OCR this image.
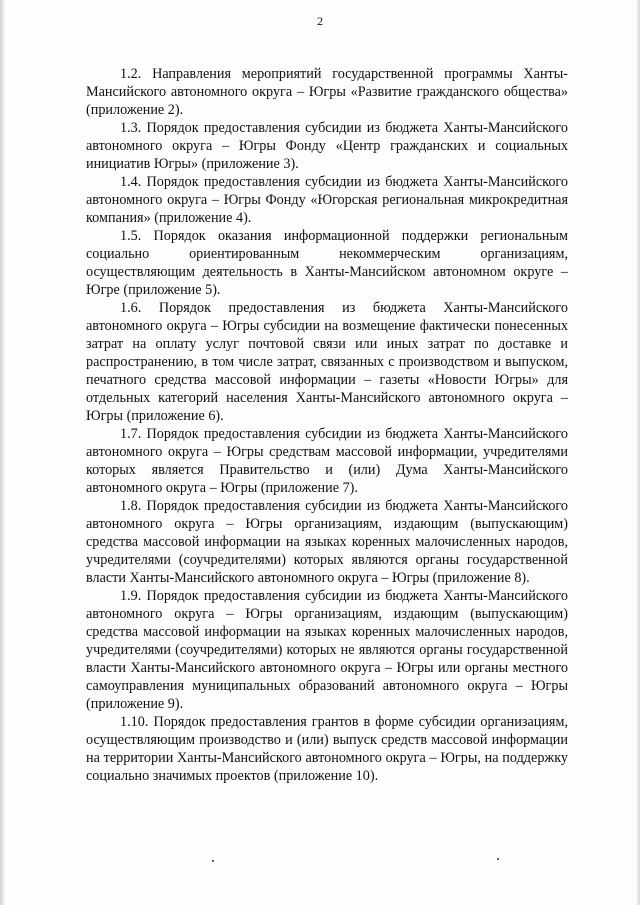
2

1.2. Направления мероприятий государственной программы Ханты-Мансийского автономного округа – Югры «Развитие гражданского общества» (приложение 2).

1.3. Порядок предоставления субсидии из бюджета Ханты-Мансийского автономного округа – Югры Фонду «Центр гражданских и социальных инициатив Югры» (приложение 3).

1.4. Порядок предоставления субсидии из бюджета Ханты-Мансийского автономного округа – Югры Фонду «Югорская региональная микрокредитная компания» (приложение 4).

1.5. Порядок оказания информационной поддержки региональным социально ориентированным некоммерческим организациям, осуществляющим деятельность в Ханты-Мансийском автономном округе – Югре (приложение 5).

1.6. Порядок предоставления из бюджета Ханты-Мансийского автономного округа – Югры субсидии на возмещение фактически понесенных затрат на оплату услуг почтовой связи или иных затрат по доставке и распространению, в том числе затрат, связанных с производством и выпуском, печатного средства массовой информации – газеты «Новости Югры» для отдельных категорий населения Ханты-Мансийского автономного округа – Югры (приложение 6).

1.7. Порядок предоставления субсидии из бюджета Ханты-Мансийского автономного округа – Югры средствам массовой информации, учредителями которых является Правительство и (или) Дума Ханты-Мансийского автономного округа – Югры (приложение 7).

1.8. Порядок предоставления субсидии из бюджета Ханты-Мансийского автономного округа – Югры организациям, издающим (выпускающим) средства массовой информации на языках коренных малочисленных народов, учредителями (соучредителями) которых являются органы государственной власти Ханты-Мансийского автономного округа – Югры (приложение 8).

1.9. Порядок предоставления субсидии из бюджета Ханты-Мансийского автономного округа – Югры организациям, издающим (выпускающим) средства массовой информации на языках коренных малочисленных народов, учредителями (соучредителями) которых не являются органы государственной власти Ханты-Мансийского автономного округа – Югры или органы местного самоуправления муниципальных образований автономного округа – Югры (приложение 9).

1.10. Порядок предоставления грантов в форме субсидии организациям, осуществляющим производство и (или) выпуск средств массовой информации на территории Ханты-Мансийского автономного округа – Югры, на поддержку социально значимых проектов (приложение 10).
